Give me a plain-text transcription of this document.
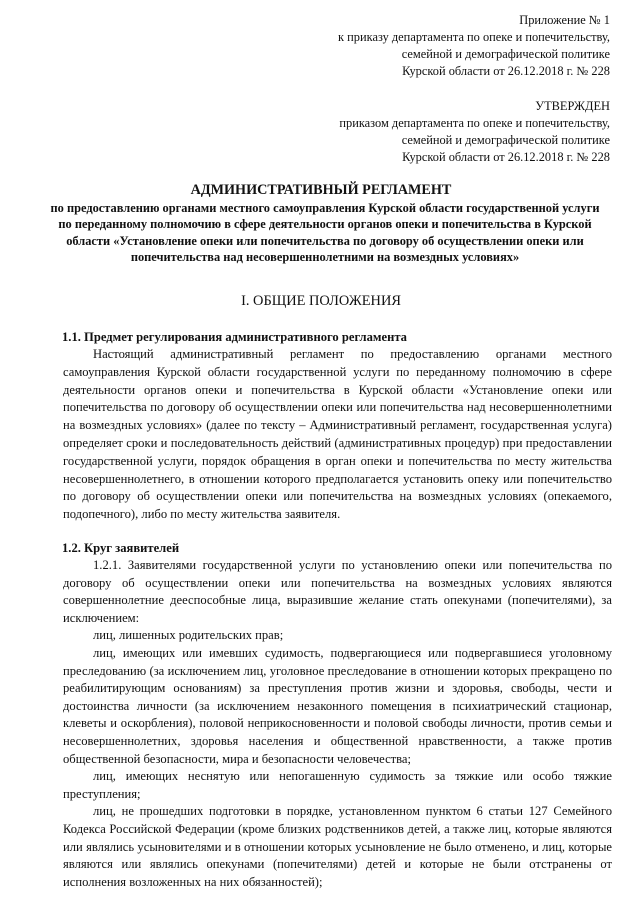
Приложение № 1
к приказу департамента по опеке и попечительству,
семейной и демографической политике
Курской области от 26.12.2018 г. № 228
УТВЕРЖДЕН
приказом департамента по опеке и попечительству,
семейной и демографической политике
Курской области от 26.12.2018 г. № 228
АДМИНИСТРАТИВНЫЙ РЕГЛАМЕНТ
по предоставлению органами местного самоуправления Курской области государственной услуги по переданному полномочию в сфере деятельности органов опеки и попечительства в Курской области «Установление опеки или попечительства по договору об осуществлении опеки или попечительства над несовершеннолетними на возмездных условиях»
I. ОБЩИЕ ПОЛОЖЕНИЯ
1.1. Предмет регулирования административного регламента
Настоящий административный регламент по предоставлению органами местного самоуправления Курской области государственной услуги по переданному полномочию в сфере деятельности органов опеки и попечительства в Курской области «Установление опеки или попечительства по договору об осуществлении опеки или попечительства над несовершеннолетними на возмездных условиях» (далее по тексту – Административный регламент, государственная услуга) определяет сроки и последовательность действий (административных процедур) при предоставлении государственной услуги, порядок обращения в орган опеки и попечительства по месту жительства несовершеннолетнего, в отношении которого предполагается установить опеку или попечительство по договору об осуществлении опеки или попечительства на возмездных условиях (опекаемого, подопечного), либо по месту жительства заявителя.
1.2. Круг заявителей

1.2.1. Заявителями государственной услуги по установлению опеки или попечительства по договору об осуществлении опеки или попечительства на возмездных условиях являются совершеннолетние дееспособные лица, выразившие желание стать опекунами (попечителями), за исключением:

лиц, лишенных родительских прав;

лиц, имеющих или имевших судимость, подвергающиеся или подвергавшиеся уголовному преследованию (за исключением лиц, уголовное преследование в отношении которых прекращено по реабилитирующим основаниям) за преступления против жизни и здоровья, свободы, чести и достоинства личности (за исключением незаконного помещения в психиатрический стационар, клеветы и оскорбления), половой неприкосновенности и половой свободы личности, против семьи и несовершеннолетних, здоровья населения и общественной нравственности, а также против общественной безопасности, мира и безопасности человечества;

лиц, имеющих неснятую или непогашенную судимость за тяжкие или особо тяжкие преступления;

лиц, не прошедших подготовки в порядке, установленном пунктом 6 статьи 127 Семейного Кодекса Российской Федерации (кроме близких родственников детей, а также лиц, которые являются или являлись усыновителями и в отношении которых усыновление не было отменено, и лиц, которые являются или являлись опекунами (попечителями) детей и которые не были отстранены от исполнения возложенных на них обязанностей);
